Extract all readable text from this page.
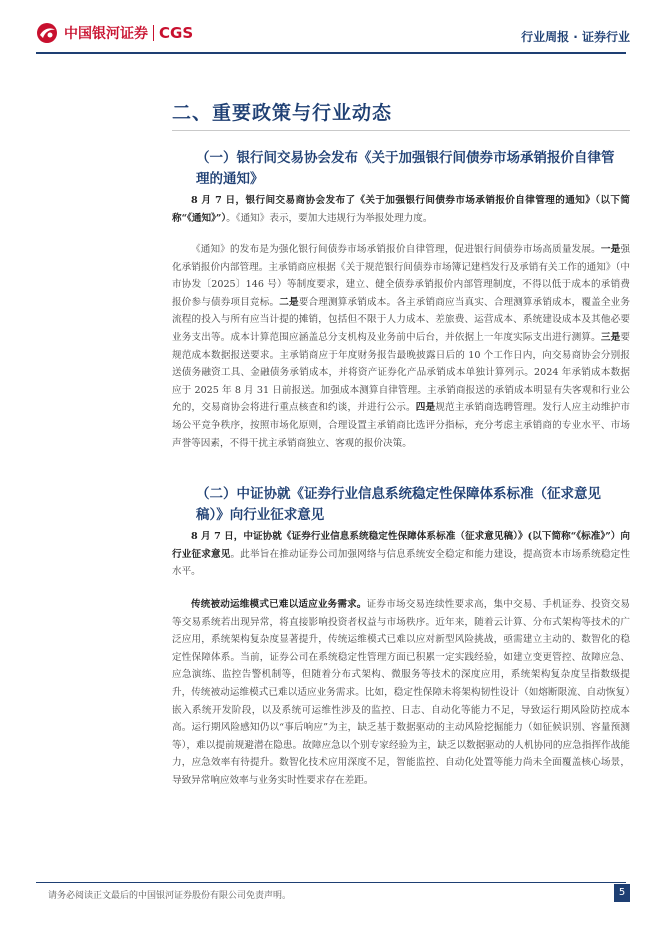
中国银河证券 CGS	行业周报 · 证券行业
二、重要政策与行业动态
（一）银行间交易协会发布《关于加强银行间债券市场承销报价自律管理的通知》
8 月 7 日，银行间交易商协会发布了《关于加强银行间债券市场承销报价自律管理的通知》（以下简称“《通知》”）。《通知》表示，要加大违规行为举报处理力度。
《通知》的发布是为强化银行间债券市场承销报价自律管理，促进银行间债券市场高质量发展。一是强化承销报价内部管理。主承销商应根据《关于规范银行间债券市场簿记建档发行及承销有关工作的通知》（中市协发〔2025〕146 号）等制度要求，建立、健全债券承销报价内部管理制度，不得以低于成本的承销费报价参与债券项目竞标。二是要合理测算承销成本。各主承销商应当真实、合理测算承销成本，覆盖全业务流程的投入与所有应当计提的摊销，包括但不限于人力成本、差旅费、运营成本、系统建设成本及其他必要业务支出等。成本计算范围应涵盖总分支机构及业务前中后台，并依据上一年度实际支出进行测算。三是要规范成本数据报送要求。主承销商应于年度财务报告最晚披露日后的 10 个工作日内，向交易商协会分别报送债务融资工具、金融债务承销成本，并将资产证券化产品承销成本单独计算列示。2024 年承销成本数据应于 2025 年 8 月 31 日前报送。加强成本测算自律管理。主承销商报送的承销成本明显有失客观和行业公允的，交易商协会将进行重点核查和约谈，并进行公示。四是规范主承销商选聘管理。发行人应主动维护市场公平竞争秩序，按照市场化原则，合理设置主承销商比选评分指标，充分考虑主承销商的专业水平、市场声誉等因素，不得干扰主承销商独立、客观的报价决策。
（二）中证协就《证券行业信息系统稳定性保障体系标准（征求意见稿）》向行业征求意见
8 月 7 日，中证协就《证券行业信息系统稳定性保障体系标准（征求意见稿）》(以下简称“《标准》”）向行业征求意见。此举旨在推动证券公司加强网络与信息系统安全稳定和能力建设，提高资本市场系统稳定性水平。
传统被动运维模式已难以适应业务需求。证券市场交易连续性要求高，集中交易、手机证券、投资交易等交易系统若出现异常，将直接影响投资者权益与市场秩序。近年来，随着云计算、分布式架构等技术的广泛应用，系统架构复杂度显著提升，传统运维模式已难以应对新型风险挑战，亟需建立主动的、数智化的稳定性保障体系。当前，证券公司在系统稳定性管理方面已积累一定实践经验，如建立变更管控、故障应急、应急演练、监控告警机制等，但随着分布式架构、微服务等技术的深度应用，系统架构复杂度呈指数级提升，传统被动运维模式已难以适应业务需求。比如，稳定性保障未将架构韧性设计（如熔断限流、自动恢复）嵌入系统开发阶段，以及系统可运维性涉及的监控、日志、自动化等能力不足，导致运行期风险防控成本高。运行期风险感知仍以“事后响应”为主，缺乏基于数据驱动的主动风险挖掘能力（如征候识别、容量预测等），难以提前规避潜在隐患。故障应急以个别专家经验为主，缺乏以数据驱动的人机协同的应急指挥作战能力，应急效率有待提升。数智化技术应用深度不足，智能监控、自动化处置等能力尚未全面覆盖核心场景，导致异常响应效率与业务实时性要求存在差距。
请务必阅读正文最后的中国银河证券股份有限公司免责声明。	5
